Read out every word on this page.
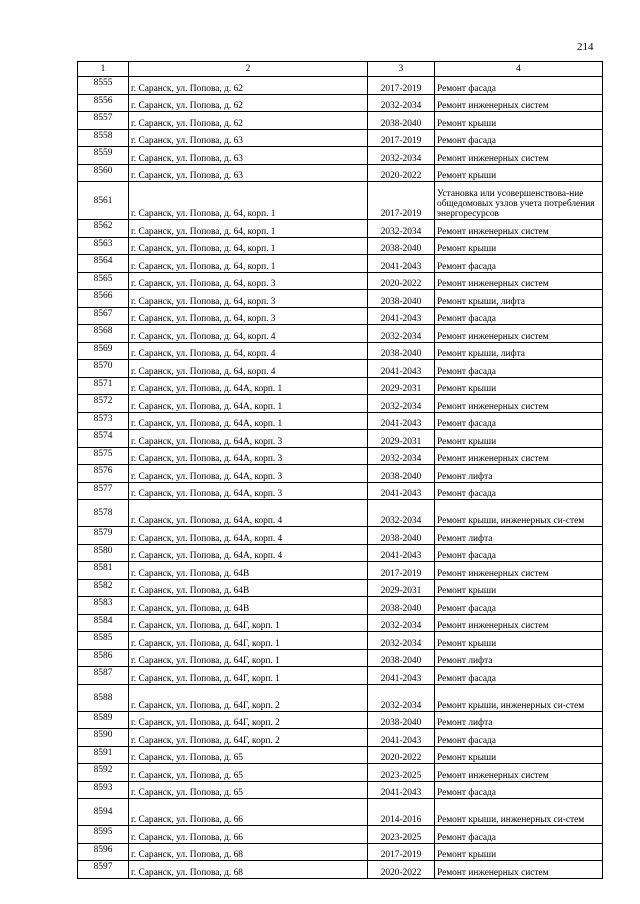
214
1	2	3	4
8555	г. Саранск, ул. Попова, д. 62	2017-2019	Ремонт фасада
8556	г. Саранск, ул. Попова, д. 62	2032-2034	Ремонт инженерных систем
8557	г. Саранск, ул. Попова, д. 62	2038-2040	Ремонт крыши
8558	г. Саранск, ул. Попова, д. 63	2017-2019	Ремонт фасада
8559	г. Саранск, ул. Попова, д. 63	2032-2034	Ремонт инженерных систем
8560	г. Саранск, ул. Попова, д. 63	2020-2022	Ремонт крыши
8561	г. Саранск, ул. Попова, д. 64, корп. 1	2017-2019	Установка или усовершенствова-ние общедомовых узлов учета потребления энергоресурсов
8562	г. Саранск, ул. Попова, д. 64, корп. 1	2032-2034	Ремонт инженерных систем
8563	г. Саранск, ул. Попова, д. 64, корп. 1	2038-2040	Ремонт крыши
8564	г. Саранск, ул. Попова, д. 64, корп. 1	2041-2043	Ремонт фасада
8565	г. Саранск, ул. Попова, д. 64, корп. 3	2020-2022	Ремонт инженерных систем
8566	г. Саранск, ул. Попова, д. 64, корп. 3	2038-2040	Ремонт крыши, лифта
8567	г. Саранск, ул. Попова, д. 64, корп. 3	2041-2043	Ремонт фасада
8568	г. Саранск, ул. Попова, д. 64, корп. 4	2032-2034	Ремонт инженерных систем
8569	г. Саранск, ул. Попова, д. 64, корп. 4	2038-2040	Ремонт крыши, лифта
8570	г. Саранск, ул. Попова, д. 64, корп. 4	2041-2043	Ремонт фасада
8571	г. Саранск, ул. Попова, д. 64А, корп. 1	2029-2031	Ремонт крыши
8572	г. Саранск, ул. Попова, д. 64А, корп. 1	2032-2034	Ремонт инженерных систем
8573	г. Саранск, ул. Попова, д. 64А, корп. 1	2041-2043	Ремонт фасада
8574	г. Саранск, ул. Попова, д. 64А, корп. 3	2029-2031	Ремонт крыши
8575	г. Саранск, ул. Попова, д. 64А, корп. 3	2032-2034	Ремонт инженерных систем
8576	г. Саранск, ул. Попова, д. 64А, корп. 3	2038-2040	Ремонт лифта
8577	г. Саранск, ул. Попова, д. 64А, корп. 3	2041-2043	Ремонт фасада
8578	г. Саранск, ул. Попова, д. 64А, корп. 4	2032-2034	Ремонт крыши, инженерных си-стем
8579	г. Саранск, ул. Попова, д. 64А, корп. 4	2038-2040	Ремонт лифта
8580	г. Саранск, ул. Попова, д. 64А, корп. 4	2041-2043	Ремонт фасада
8581	г. Саранск, ул. Попова, д. 64В	2017-2019	Ремонт инженерных систем
8582	г. Саранск, ул. Попова, д. 64В	2029-2031	Ремонт крыши
8583	г. Саранск, ул. Попова, д. 64В	2038-2040	Ремонт фасада
8584	г. Саранск, ул. Попова, д. 64Г, корп. 1	2032-2034	Ремонт инженерных систем
8585	г. Саранск, ул. Попова, д. 64Г, корп. 1	2032-2034	Ремонт крыши
8586	г. Саранск, ул. Попова, д. 64Г, корп. 1	2038-2040	Ремонт лифта
8587	г. Саранск, ул. Попова, д. 64Г, корп. 1	2041-2043	Ремонт фасада
8588	г. Саранск, ул. Попова, д. 64Г, корп. 2	2032-2034	Ремонт крыши, инженерных си-стем
8589	г. Саранск, ул. Попова, д. 64Г, корп. 2	2038-2040	Ремонт лифта
8590	г. Саранск, ул. Попова, д. 64Г, корп. 2	2041-2043	Ремонт фасада
8591	г. Саранск, ул. Попова, д. 65	2020-2022	Ремонт крыши
8592	г. Саранск, ул. Попова, д. 65	2023-2025	Ремонт инженерных систем
8593	г. Саранск, ул. Попова, д. 65	2041-2043	Ремонт фасада
8594	г. Саранск, ул. Попова, д. 66	2014-2016	Ремонт крыши, инженерных си-стем
8595	г. Саранск, ул. Попова, д. 66	2023-2025	Ремонт фасада
8596	г. Саранск, ул. Попова, д. 68	2017-2019	Ремонт крыши
8597	г. Саранск, ул. Попова, д. 68	2020-2022	Ремонт инженерных систем
